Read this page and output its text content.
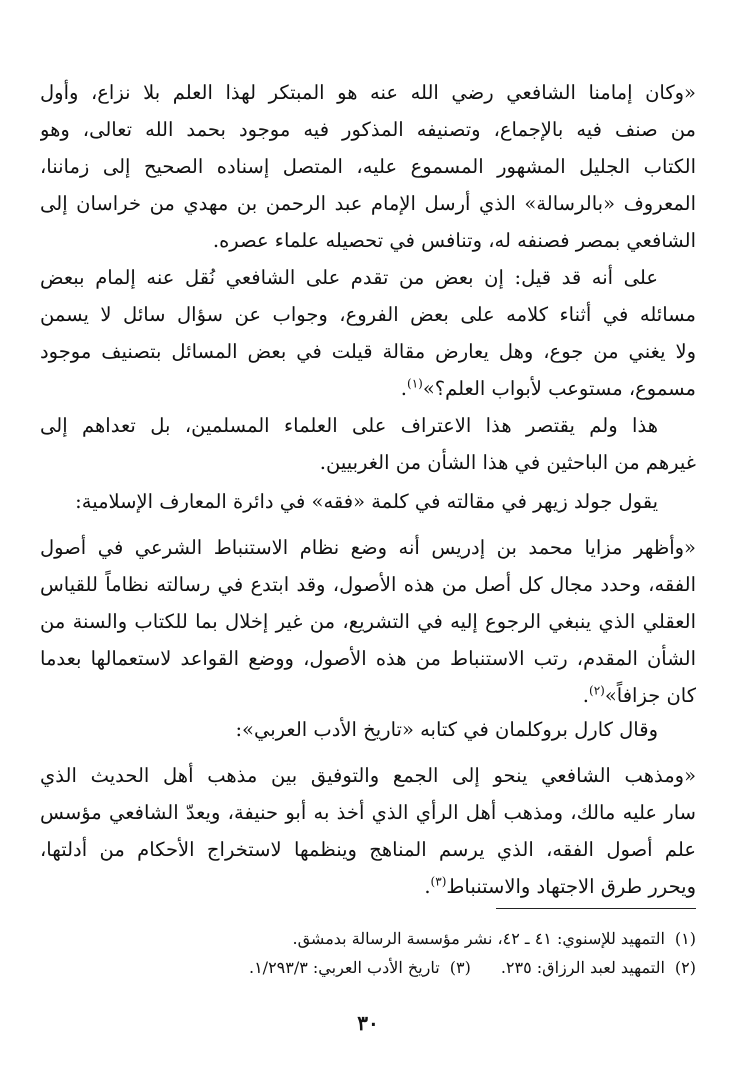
«وكان إمامنا الشافعي رضي الله عنه هو المبتكر لهذا العلم بلا نزاع، وأول
من صنف فيه بالإجماع، وتصنيفه المذكور فيه موجود بحمد الله تعالى، وهو
الكتاب الجليل المشهور المسموع عليه، المتصل إسناده الصحيح إلى زماننا،
المعروف «بالرسالة» الذي أرسل الإمام عبد الرحمن بن مهدي من خراسان إلى
الشافعي بمصر فصنفه له، وتنافس في تحصيله علماء عصره.
على أنه قد قيل: إن بعض من تقدم على الشافعي نُقل عنه إلمام ببعض
مسائله في أثناء كلامه على بعض الفروع، وجواب عن سؤال سائل لا يسمن
ولا يغني من جوع، وهل يعارض مقالة قيلت في بعض المسائل بتصنيف موجود
مسموع، مستوعب لأبواب العلم؟»$^{(١)}$.
هذا ولم يقتصر هذا الاعتراف على العلماء المسلمين، بل تعداهم إلى
غيرهم من الباحثين في هذا الشأن من الغربيين.
يقول جولد زيهر في مقالته في كلمة «فقه» في دائرة المعارف الإسلامية:
«وأظهر مزايا محمد بن إدريس أنه وضع نظام الاستنباط الشرعي في أصول
الفقه، وحدد مجال كل أصل من هذه الأصول، وقد ابتدع في رسالته نظاماً للقياس
العقلي الذي ينبغي الرجوع إليه في التشريع، من غير إخلال بما للكتاب والسنة من
الشأن المقدم، رتب الاستنباط من هذه الأصول، ووضع القواعد لاستعمالها بعدما
كان جزافاً»$^{(٢)}$.
وقال كارل بروكلمان في كتابه «تاريخ الأدب العربي»:
«ومذهب الشافعي ينحو إلى الجمع والتوفيق بين مذهب أهل الحديث الذي
سار عليه مالك، ومذهب أهل الرأي الذي أخذ به أبو حنيفة، ويعدّ الشافعي مؤسس
علم أصول الفقه، الذي يرسم المناهج وينظمها لاستخراج الأحكام من أدلتها،
ويحرر طرق الاجتهاد والاستنباط$^{(٣)}$.
(١)التمهيد للإسنوي: ٤١ ـ ٤٢، نشر مؤسسة الرسالة بدمشق.
(٢)التمهيد لعبد الرزاق: ٢٣٥.(٣)تاريخ الأدب العربي: ١/٢٩٣/٣.
٣٠
